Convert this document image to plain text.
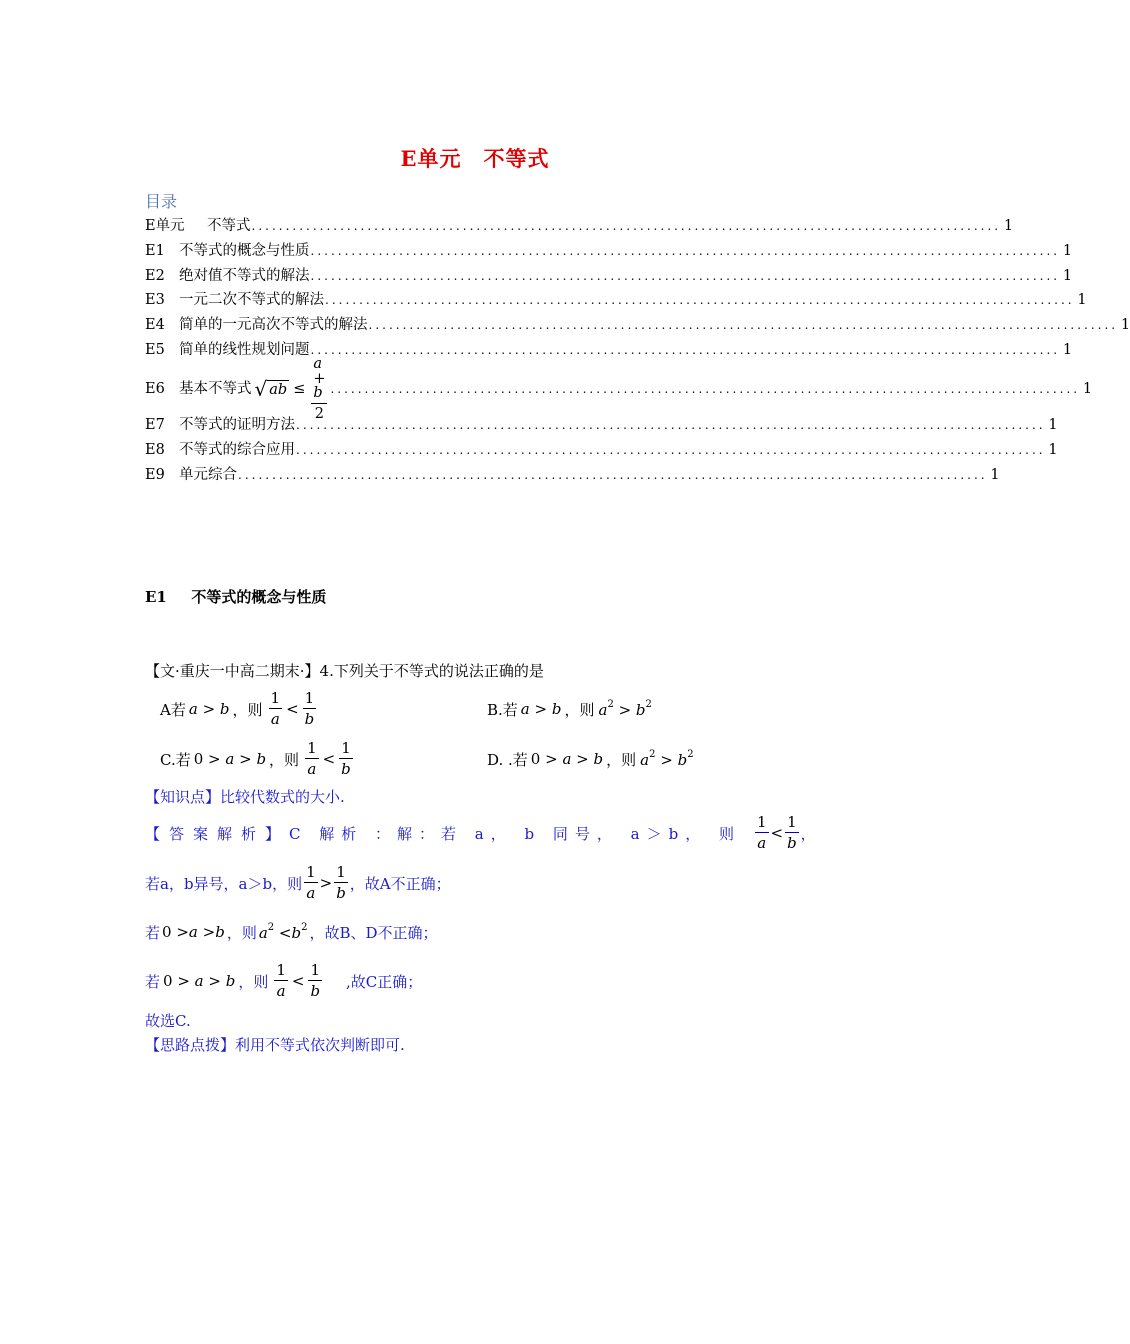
E单元　不等式
目录
E单元	不等式 .............................................................................................................. 1
E1 不等式的概念与性质 .............................................................................................................. 1
E2 绝对值不等式的解法 .............................................................................................................. 1
E3 一元二次不等式的解法 .............................................................................................................. 1
E4 简单的一元高次不等式的解法 .............................................................................................................. 1
E5 简单的线性规划问题 .............................................................................................................. 1
E6 基本不等式 √ ab ≤ $\frac{a + b}{2}$ .............................................................................................................. 1
E7 不等式的证明方法 .............................................................................................................. 1
E8 不等式的综合应用 .............................................................................................................. 1
E9 单元综合 .............................................................................................................. 1
E1 不等式的概念与性质
【文·重庆一中高二期末·】4.下列关于不等式的说法正确的是
A若 a > b ，则 $\frac{1}{a} < \frac{1}{b}$	B.若 a > b ，则 $a^2 > b^2$
C.若 0 > a > b ，则 $\frac{1}{a} < \frac{1}{b}$	D. .若 0 > a > b ，则 $a^2 > b^2$
【知识点】比较代数式的大小.
【答案解析】 C 解析 ：解：若 a， b 同号， a＞b， 则 $\frac{1}{a} < \frac{1}{b}$ ，
若a，b异号，a＞b，则 $\frac{1}{a} > \frac{1}{b}$ ，故A不正确；
若 0 >a >b ，则 $a^2 <b^2$ ，故B、D不正确；
若 0 > a > b ，则 $\frac{1}{a} < \frac{1}{b}$ ,故C正确；
故选C.
【思路点拨】利用不等式依次判断即可.
